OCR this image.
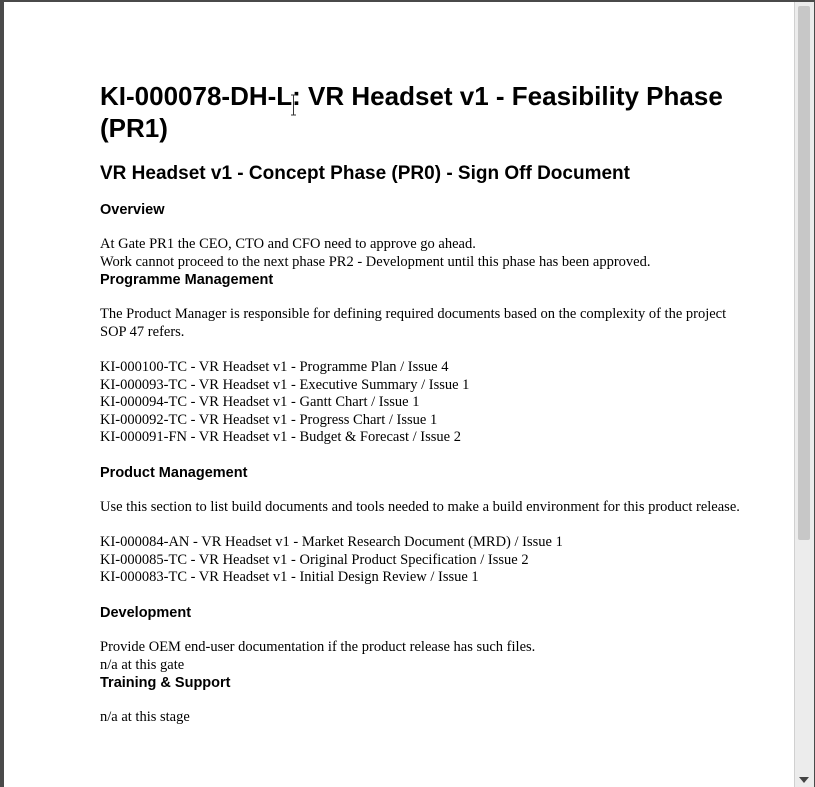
KI-000078-DH-L: VR Headset v1 - Feasibility Phase (PR1)
VR Headset v1 - Concept Phase (PR0) - Sign Off Document
Overview
At Gate PR1 the CEO, CTO and CFO need to approve go ahead.
Work cannot proceed to the next phase PR2 - Development until this phase has been approved.
Programme Management
The Product Manager is responsible for defining required documents based on the complexity of the project
SOP 47 refers.
KI-000100-TC - VR Headset v1 - Programme Plan / Issue 4
KI-000093-TC - VR Headset v1 - Executive Summary / Issue 1
KI-000094-TC - VR Headset v1 - Gantt Chart / Issue 1
KI-000092-TC - VR Headset v1 - Progress Chart / Issue 1
KI-000091-FN - VR Headset v1 - Budget & Forecast / Issue 2
Product Management
Use this section to list build documents and tools needed to make a build environment for this product release.
KI-000084-AN - VR Headset v1 - Market Research Document (MRD) / Issue 1
KI-000085-TC - VR Headset v1 - Original Product Specification / Issue 2
KI-000083-TC - VR Headset v1 - Initial Design Review / Issue 1
Development
Provide OEM end-user documentation if the product release has such files.
n/a at this gate
Training & Support
n/a at this stage
